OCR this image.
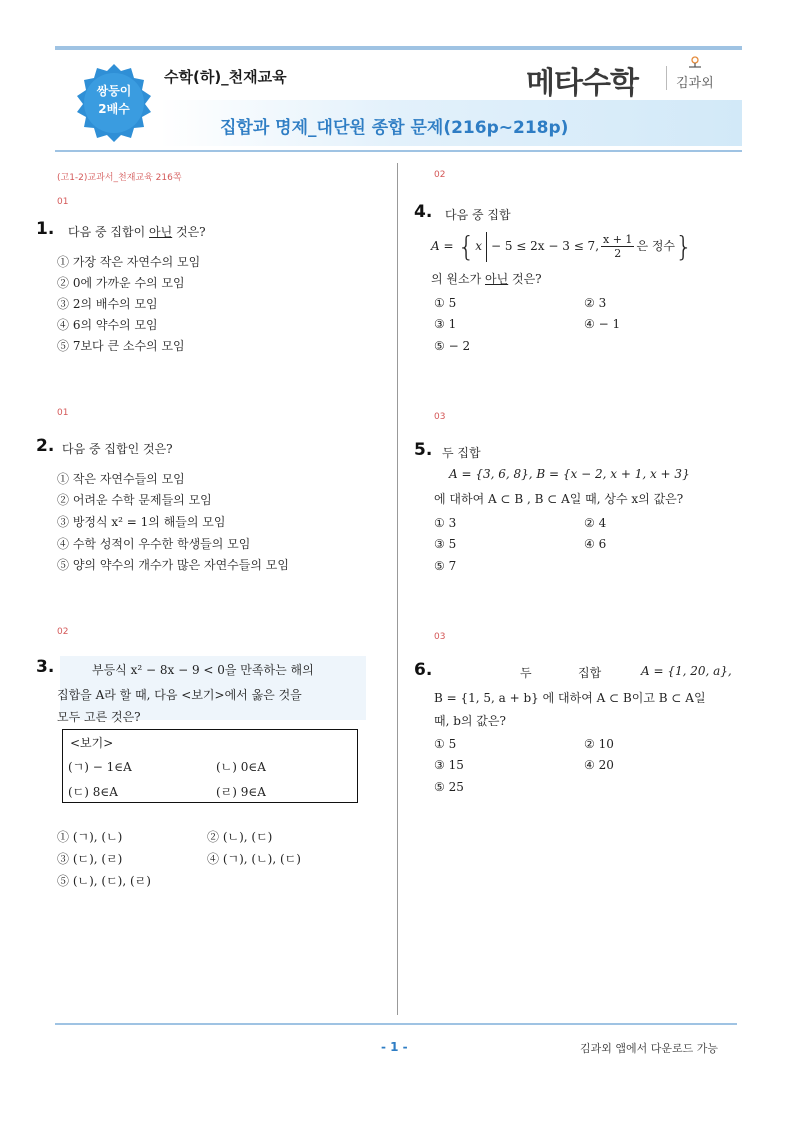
쌍둥이
2배수
수학(하)_천재교육
집합과 명제_대단원 종합 문제(216p~218p)
메타수학	김과외
(고1-2)교과서_천재교육 216쪽
01
1. 다음 중 집합이 아닌 것은?
① 가장 작은 자연수의 모임
② 0에 가까운 수의 모임
③ 2의 배수의 모임
④ 6의 약수의 모임
⑤ 7보다 큰 소수의 모임
01
2. 다음 중 집합인 것은?
① 작은 자연수들의 모임
② 어려운 수학 문제들의 모임
③ 방정식 x² = 1의 해들의 모임
④ 수학 성적이 우수한 학생들의 모임
⑤ 양의 약수의 개수가 많은 자연수들의 모임
02
3.	부등식 x² − 8x − 9 < 0을 만족하는 해의
집합을 A라 할 때, 다음 <보기>에서 옳은 것을
모두 고른 것은?
<보기>
(ㄱ) − 1∈A	(ㄴ) 0∈A
(ㄷ) 8∈A	(ㄹ) 9∈A
① (ㄱ), (ㄴ)	② (ㄴ), (ㄷ)
③ (ㄷ), (ㄹ)	④ (ㄱ), (ㄴ), (ㄷ)
⑤ (ㄴ), (ㄷ), (ㄹ)
02
4. 다음 중 집합
A = {x − 5 ≤ 2x − 3 ≤ 7, $\frac{x + 1}{2}$ 은 정수}
의 원소가 아닌 것은?
① 5	② 3
③ 1	④ − 1
⑤ − 2
03
5. 두 집합
A = {3, 6, 8}, B = {x − 2, x + 1, x + 3}
에 대하여 A ⊂ B , B ⊂ A일 때, 상수 x의 값은?
① 3	② 4
③ 5	④ 6
⑤ 7
03
6.	두	집합	A = {1, 20, a},
B = {1, 5, a + b} 에 대하여 A ⊂ B이고 B ⊂ A일
때, b의 값은?
① 5	② 10
③ 15	④ 20
⑤ 25
- 1 -	김과외 앱에서 다운로드 가능
